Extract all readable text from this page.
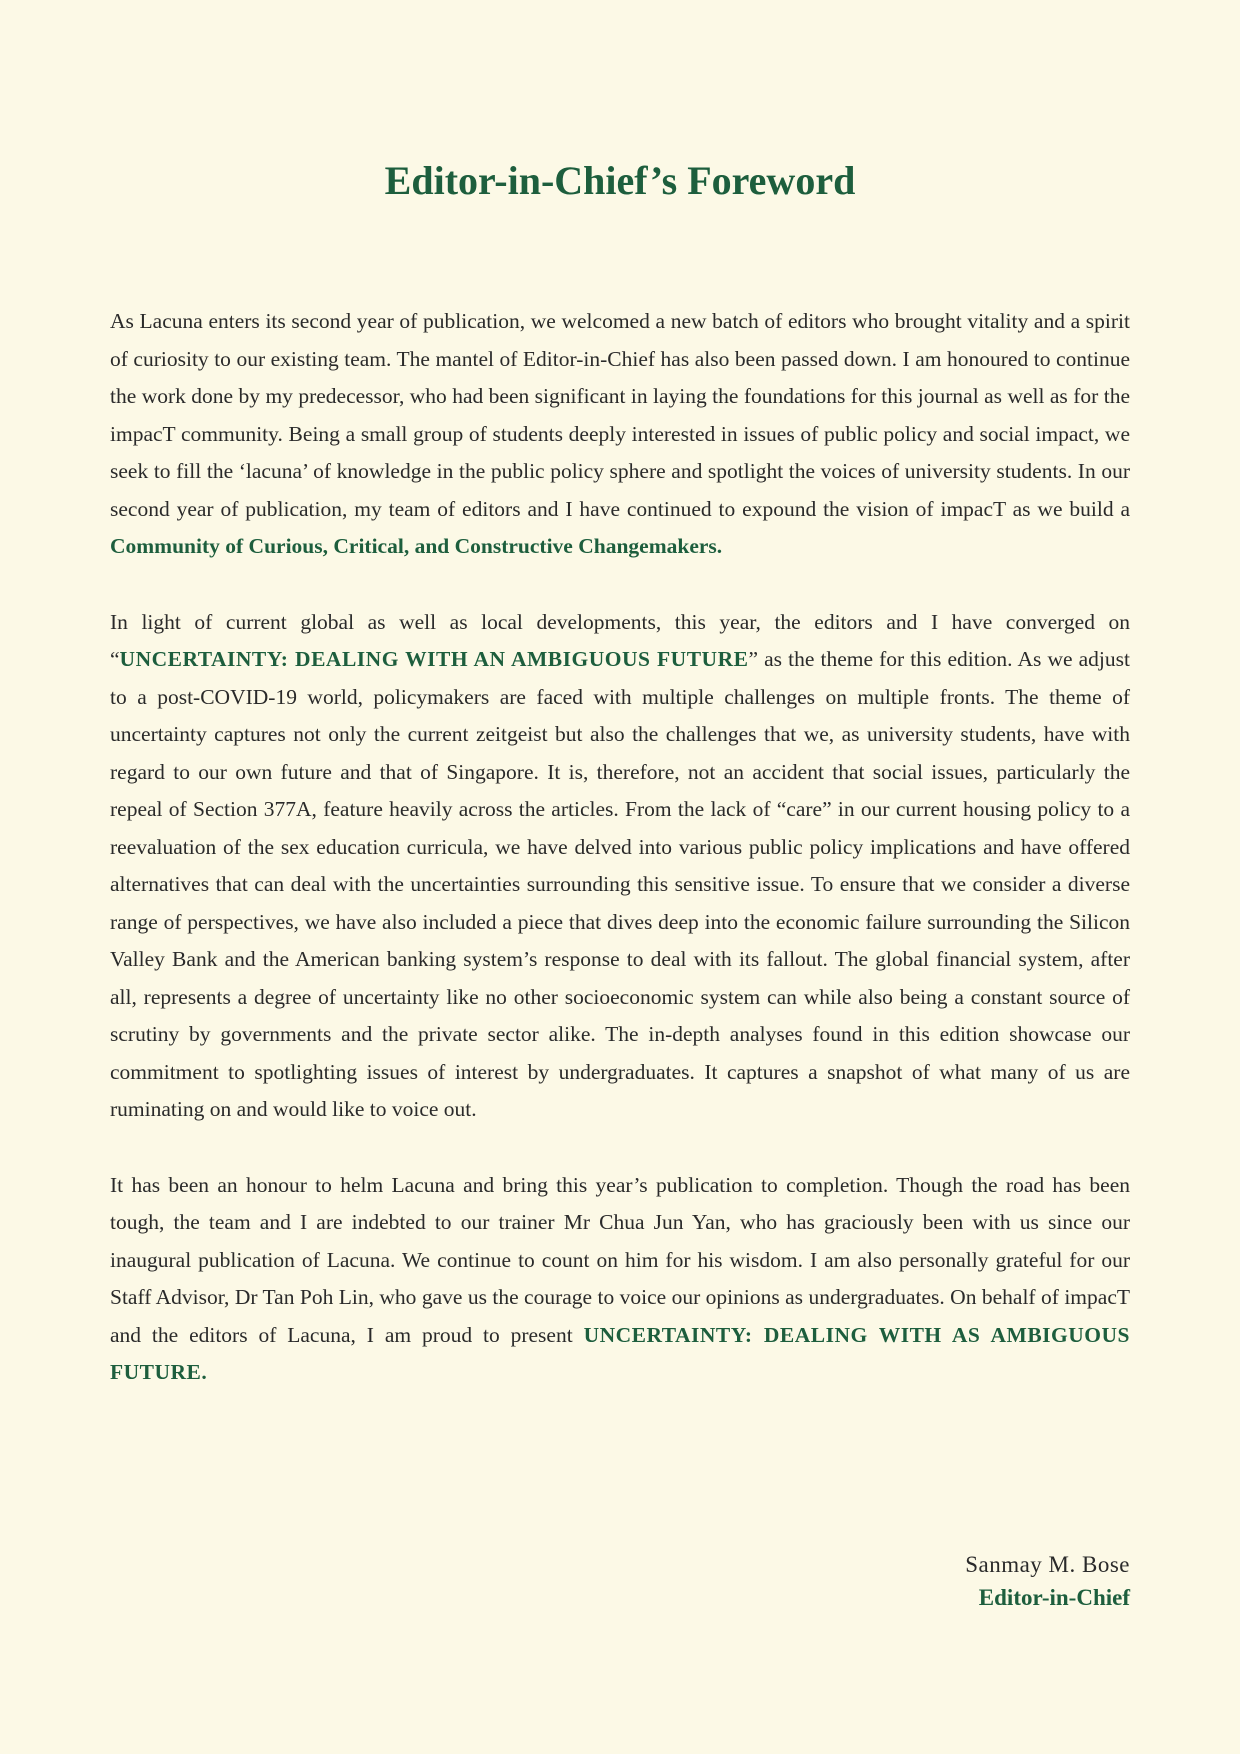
Editor-in-Chief’s Foreword

As Lacuna enters its second year of publication, we welcomed a new batch of editors who brought vitality and a spirit of curiosity to our existing team. The mantel of Editor-in-Chief has also been passed down. I am honoured to continue the work done by my predecessor, who had been significant in laying the foundations for this journal as well as for the impacT community. Being a small group of students deeply interested in issues of public policy and social impact, we seek to fill the ‘lacuna’ of knowledge in the public policy sphere and spotlight the voices of university students. In our second year of publication, my team of editors and I have continued to expound the vision of impacT as we build a Community of Curious, Critical, and Constructive Changemakers.

In light of current global as well as local developments, this year, the editors and I have converged on “UNCERTAINTY: DEALING WITH AN AMBIGUOUS FUTURE” as the theme for this edition. As we adjust to a post-COVID-19 world, policymakers are faced with multiple challenges on multiple fronts. The theme of uncertainty captures not only the current zeitgeist but also the challenges that we, as university students, have with regard to our own future and that of Singapore. It is, therefore, not an accident that social issues, particularly the repeal of Section 377A, feature heavily across the articles. From the lack of “care” in our current housing policy to a reevaluation of the sex education curricula, we have delved into various public policy implications and have offered alternatives that can deal with the uncertainties surrounding this sensitive issue. To ensure that we consider a diverse range of perspectives, we have also included a piece that dives deep into the economic failure surrounding the Silicon Valley Bank and the American banking system’s response to deal with its fallout. The global financial system, after all, represents a degree of uncertainty like no other socioeconomic system can while also being a constant source of scrutiny by governments and the private sector alike. The in-depth analyses found in this edition showcase our commitment to spotlighting issues of interest by undergraduates. It captures a snapshot of what many of us are ruminating on and would like to voice out.

It has been an honour to helm Lacuna and bring this year’s publication to completion. Though the road has been tough, the team and I are indebted to our trainer Mr Chua Jun Yan, who has graciously been with us since our inaugural publication of Lacuna. We continue to count on him for his wisdom. I am also personally grateful for our Staff Advisor, Dr Tan Poh Lin, who gave us the courage to voice our opinions as undergraduates. On behalf of impacT and the editors of Lacuna, I am proud to present UNCERTAINTY: DEALING WITH AS AMBIGUOUS FUTURE.

Sanmay M. Bose
Editor-in-Chief
